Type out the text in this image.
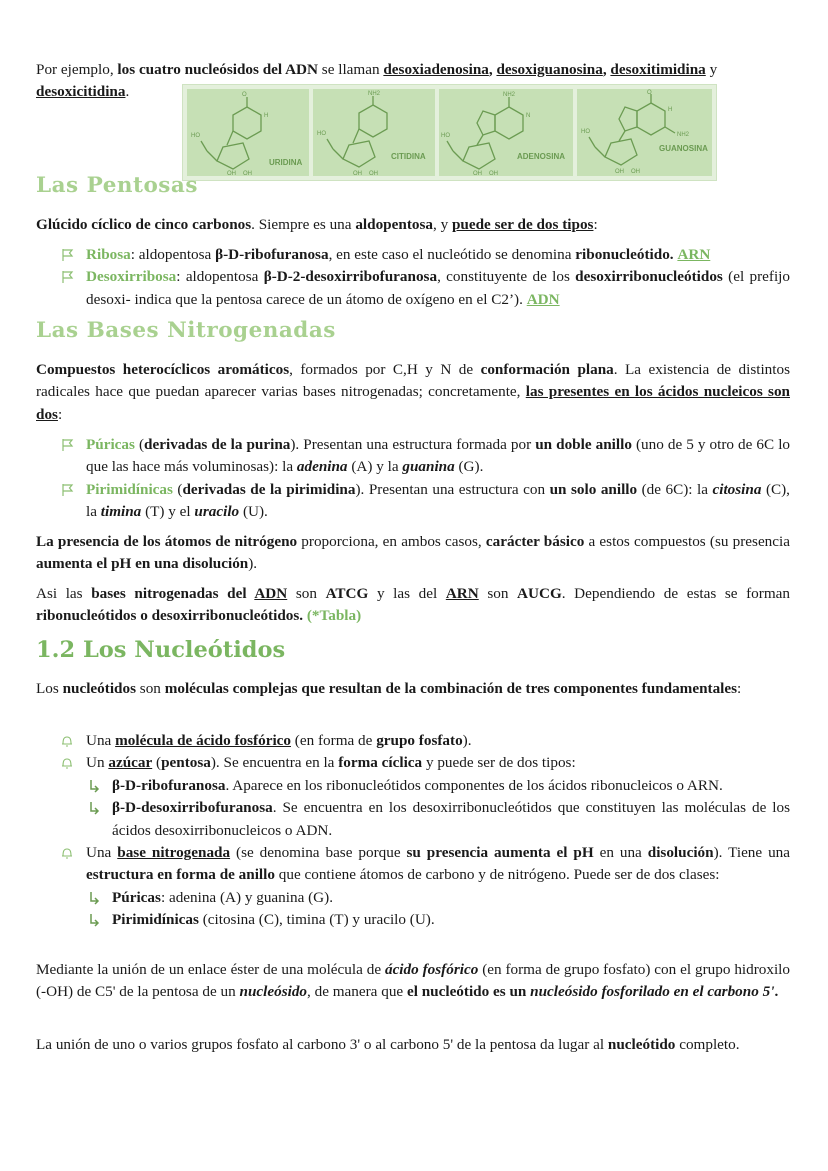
Por ejemplo, los cuatro nucleósidos del ADN se llaman desoxiadenosina, desoxiguanosina, desoxitimidina y
desoxicitidina.	O
H
HO
OH OH
URIDINA
NH2
HO
OH OH
CITIDINA
NH2
N
HO
OH OH
ADENOSINA
O
H
NH2
HO
OH OH
GUANOSINA
Las Pentosas

Glúcido cíclico de cinco carbonos. Siempre es una aldopentosa, y puede ser de dos tipos:

Ribosa: aldopentosa β-D-ribofuranosa, en este caso el nucleótido se denomina ribonucleótido. ARN
Desoxirribosa: aldopentosa β-D-2-desoxirribofuranosa, constituyente de los desoxirribonucleótidos (el prefijo desoxi- indica que la pentosa carece de un átomo de oxígeno en el C2’). ADN
Las Bases Nitrogenadas

Compuestos heterocíclicos aromáticos, formados por C,H y N de conformación plana. La existencia de distintos radicales hace que puedan aparecer varias bases nitrogenadas; concretamente, las presentes en los ácidos nucleicos son dos:

Púricas (derivadas de la purina). Presentan una estructura formada por un doble anillo (uno de 5 y otro de 6C lo que las hace más voluminosas): la adenina (A) y la guanina (G).
Pirimidínicas (derivadas de la pirimidina). Presentan una estructura con un solo anillo (de 6C): la citosina (C), la timina (T) y el uracilo (U).

La presencia de los átomos de nitrógeno proporciona, en ambos casos, carácter básico a estos compuestos (su presencia aumenta el pH en una disolución).

Asi las bases nitrogenadas del ADN son ATCG y las del ARN son AUCG. Dependiendo de estas se forman ribonucleótidos o desoxirribonucleótidos. (*Tabla)

1.2 Los Nucleótidos

Los nucleótidos son moléculas complejas que resultan de la combinación de tres componentes fundamentales:

Una molécula de ácido fosfórico (en forma de grupo fosfato).
Un azúcar (pentosa). Se encuentra en la forma cíclica y puede ser de dos tipos:
β-D-ribofuranosa. Aparece en los ribonucleótidos componentes de los ácidos ribonucleicos o ARN.
β-D-desoxirribofuranosa. Se encuentra en los desoxirribonucleótidos que constituyen las moléculas de los ácidos desoxirribonucleicos o ADN.
Una base nitrogenada (se denomina base porque su presencia aumenta el pH en una disolución). Tiene una estructura en forma de anillo que contiene átomos de carbono y de nitrógeno. Puede ser de dos clases:
Púricas: adenina (A) y guanina (G).
Pirimidínicas (citosina (C), timina (T) y uracilo (U).

Mediante la unión de un enlace éster de una molécula de ácido fosfórico (en forma de grupo fosfato) con el grupo hidroxilo (-OH) de C5' de la pentosa de un nucleósido, de manera que el nucleótido es un nucleósido fosforilado en el carbono 5'.

La unión de uno o varios grupos fosfato al carbono 3' o al carbono 5' de la pentosa da lugar al nucleótido completo.
